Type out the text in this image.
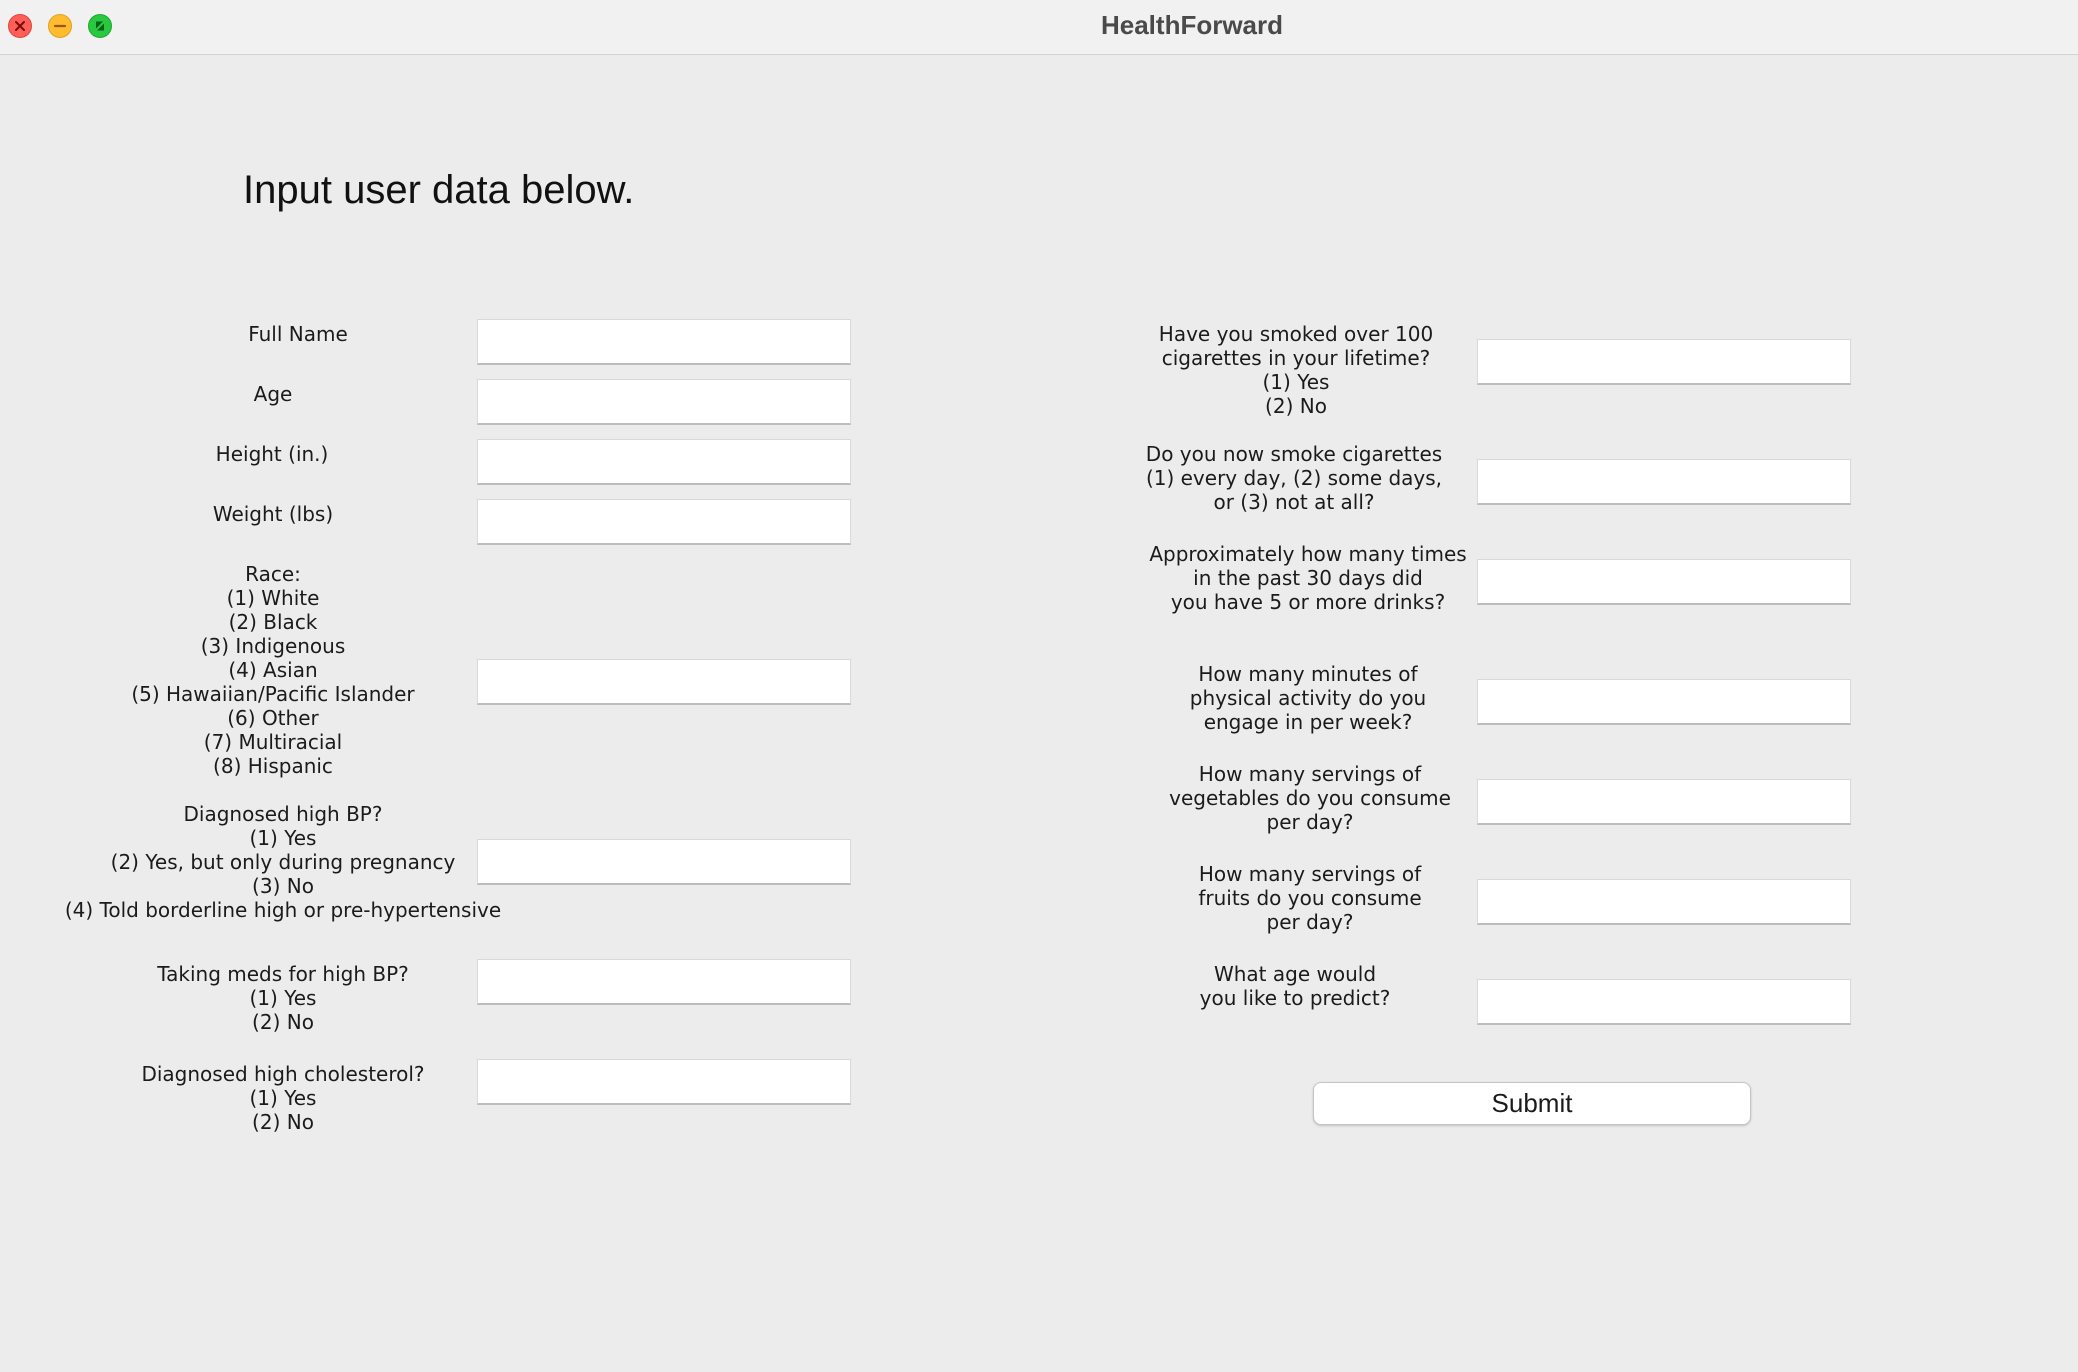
HealthForward
Input user data below.
Full Name
Age
Height (in.)
Weight (lbs)
Race:
(1) White
(2) Black
(3) Indigenous
(4) Asian
(5) Hawaiian/Pacific Islander
(6) Other
(7) Multiracial
(8) Hispanic
Diagnosed high BP?
(1) Yes
(2) Yes, but only during pregnancy
(3) No
(4) Told borderline high or pre-hypertensive
Taking meds for high BP?
(1) Yes
(2) No
Diagnosed high cholesterol?
(1) Yes
(2) No
Have you smoked over 100
cigarettes in your lifetime?
(1) Yes
(2) No
Do you now smoke cigarettes
(1) every day, (2) some days,
or (3) not at all?
Approximately how many times
in the past 30 days did
you have 5 or more drinks?
How many minutes of
physical activity do you
engage in per week?
How many servings of
vegetables do you consume
per day?
How many servings of
fruits do you consume
per day?
What age would
you like to predict?
Submit
